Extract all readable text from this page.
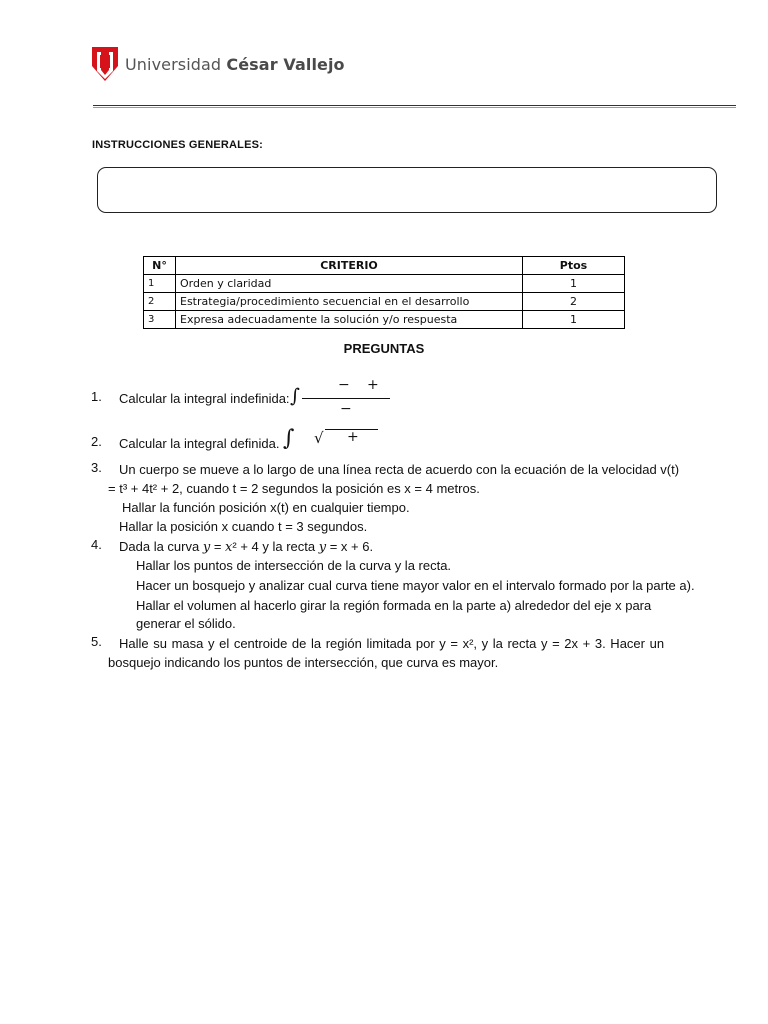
Universidad César Vallejo
INSTRUCCIONES GENERALES:
N°	CRITERIO	Ptos
1	Orden y claridad	1
2	Estrategia/procedimiento secuencial en el desarrollo	2
3	Expresa adecuadamente la solución y/o respuesta	1
PREGUNTAS
1. Calcular la integral indefinida: ∫	− +
−
2. Calcular la integral definida. ∫ √ +
3. Un cuerpo se mueve a lo largo de una línea recta de acuerdo con la ecuación de la velocidad v(t)
= t³ + 4t² + 2, cuando t = 2 segundos la posición es x = 4 metros.
Hallar la función posición x(t) en cualquier tiempo.
Hallar la posición x cuando t = 3 segundos.
4. Dada la curva y = x² + 4 y la recta y = x + 6.
Hallar los puntos de intersección de la curva y la recta.
Hacer un bosquejo y analizar cual curva tiene mayor valor en el intervalo formado por la parte a).
Hallar el volumen al hacerlo girar la región formada en la parte a) alrededor del eje x para
generar el sólido.
5. Halle su masa y el centroide de la región limitada por y = x², y la recta y = 2x + 3. Hacer un
bosquejo indicando los puntos de intersección, que curva es mayor.
